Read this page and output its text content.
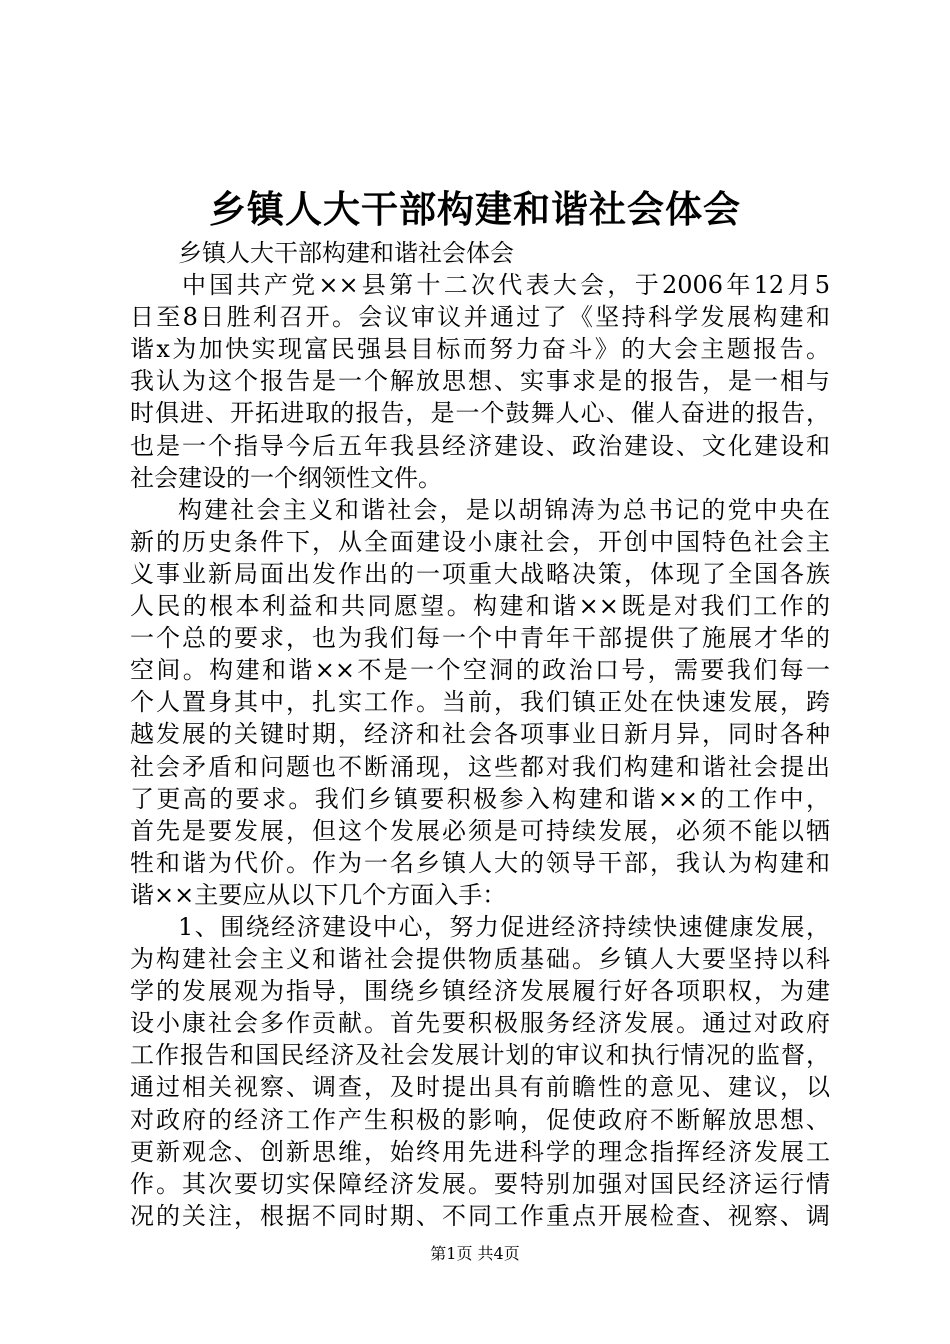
乡镇人大干部构建和谐社会体会
乡镇人大干部构建和谐社会体会
中国共产党××县第十二次代表大会，于2006年12月5
日至8日胜利召开。会议审议并通过了《坚持科学发展构建和
谐x为加快实现富民强县目标而努力奋斗》的大会主题报告。
我认为这个报告是一个解放思想、实事求是的报告，是一相与
时俱进、开拓进取的报告，是一个鼓舞人心、催人奋进的报告，
也是一个指导今后五年我县经济建设、政治建设、文化建设和
社会建设的一个纲领性文件。
构建社会主义和谐社会，是以胡锦涛为总书记的党中央在
新的历史条件下，从全面建设小康社会，开创中国特色社会主
义事业新局面出发作出的一项重大战略决策，体现了全国各族
人民的根本利益和共同愿望。构建和谐××既是对我们工作的
一个总的要求，也为我们每一个中青年干部提供了施展才华的
空间。构建和谐××不是一个空洞的政治口号，需要我们每一
个人置身其中，扎实工作。当前，我们镇正处在快速发展，跨
越发展的关键时期，经济和社会各项事业日新月异，同时各种
社会矛盾和问题也不断涌现，这些都对我们构建和谐社会提出
了更高的要求。我们乡镇要积极参入构建和谐××的工作中，
首先是要发展，但这个发展必须是可持续发展，必须不能以牺
牲和谐为代价。作为一名乡镇人大的领导干部，我认为构建和
谐××主要应从以下几个方面入手：
1、围绕经济建设中心，努力促进经济持续快速健康发展，
为构建社会主义和谐社会提供物质基础。乡镇人大要坚持以科
学的发展观为指导，围绕乡镇经济发展履行好各项职权，为建
设小康社会多作贡献。首先要积极服务经济发展。通过对政府
工作报告和国民经济及社会发展计划的审议和执行情况的监督，
通过相关视察、调查，及时提出具有前瞻性的意见、建议，以
对政府的经济工作产生积极的影响，促使政府不断解放思想、
更新观念、创新思维，始终用先进科学的理念指挥经济发展工
作。其次要切实保障经济发展。要特别加强对国民经济运行情
况的关注，根据不同时期、不同工作重点开展检查、视察、调
第1页 共4页
